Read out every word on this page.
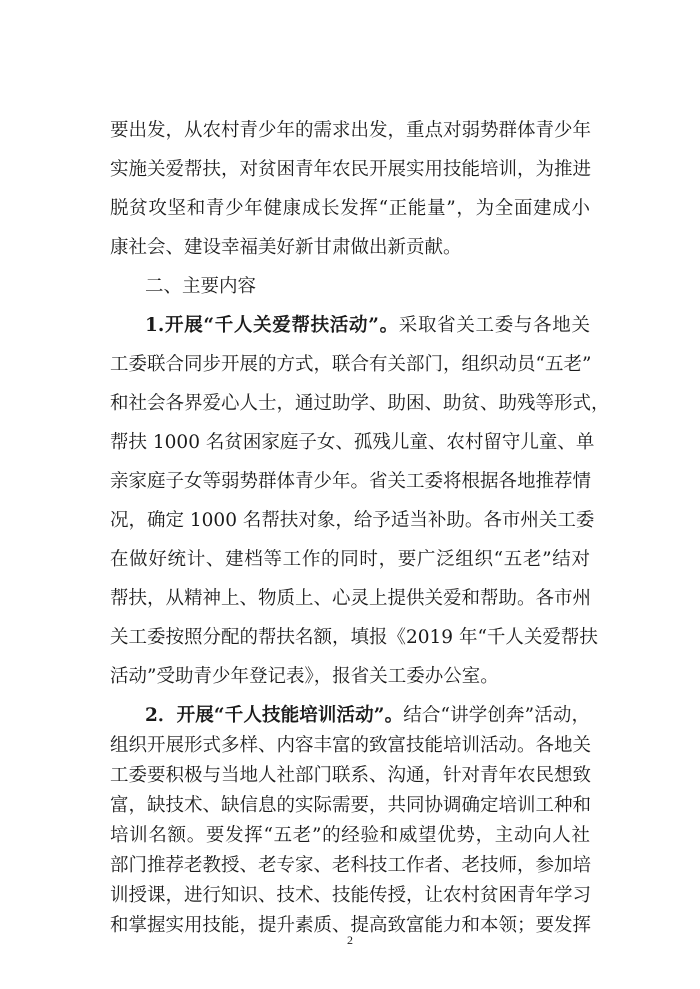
要出发，从农村青少年的需求出发，重点对弱势群体青少年
实施关爱帮扶，对贫困青年农民开展实用技能培训，为推进
脱贫攻坚和青少年健康成长发挥“正能量”，为全面建成小
康社会、建设幸福美好新甘肃做出新贡献。
二、主要内容
1.开展“千人关爱帮扶活动”。采取省关工委与各地关
工委联合同步开展的方式，联合有关部门，组织动员“五老”
和社会各界爱心人士，通过助学、助困、助贫、助残等形式，
帮扶 1000 名贫困家庭子女、孤残儿童、农村留守儿童、单
亲家庭子女等弱势群体青少年。省关工委将根据各地推荐情
况，确定 1000 名帮扶对象，给予适当补助。各市州关工委
在做好统计、建档等工作的同时，要广泛组织“五老”结对
帮扶，从精神上、物质上、心灵上提供关爱和帮助。各市州
关工委按照分配的帮扶名额，填报《2019 年“千人关爱帮扶
活动”受助青少年登记表》，报省关工委办公室。
2．开展“千人技能培训活动”。结合“讲学创奔”活动，
组织开展形式多样、内容丰富的致富技能培训活动。各地关
工委要积极与当地人社部门联系、沟通，针对青年农民想致
富，缺技术、缺信息的实际需要，共同协调确定培训工种和
培训名额。要发挥“五老”的经验和威望优势，主动向人社
部门推荐老教授、老专家、老科技工作者、老技师，参加培
训授课，进行知识、技术、技能传授，让农村贫困青年学习
和掌握实用技能，提升素质、提高致富能力和本领；要发挥
2
